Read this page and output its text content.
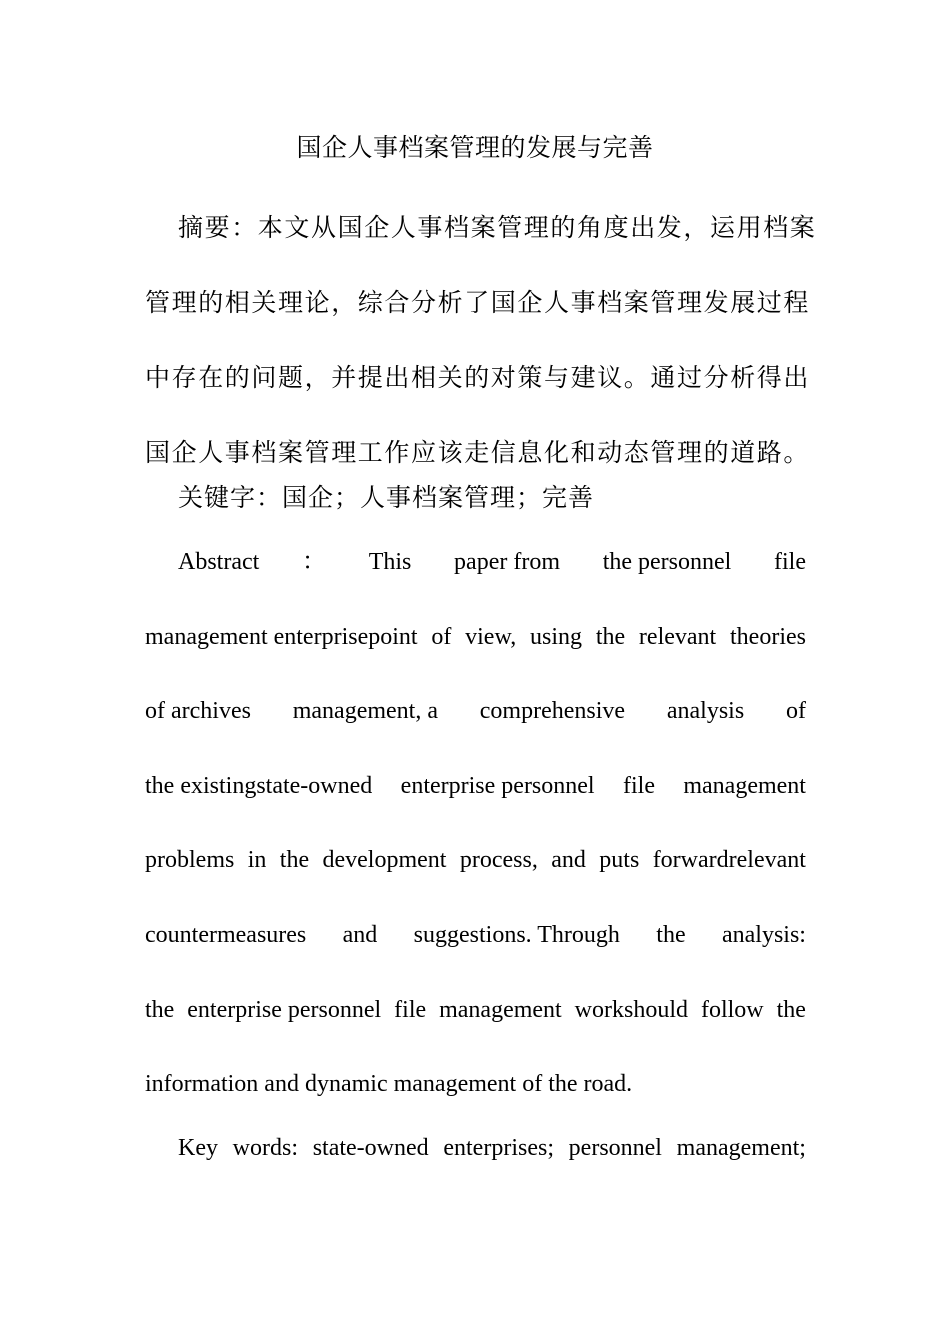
国企人事档案管理的发展与完善
摘要：本文从国企人事档案管理的角度出发，运用档案
管理的相关理论，综合分析了国企人事档案管理发展过程
中存在的问题，并提出相关的对策与建议。通过分析得出
国企人事档案管理工作应该走信息化和动态管理的道路。
关键字：国企；人事档案管理；完善
Abstract ： This paper from the personnel file
management enterprisepoint of view, using the relevant theories
of archives management, a comprehensive analysis of
the existingstate-owned enterprise personnel file management
problems in the development process, and puts forwardrelevant
countermeasures and suggestions. Through the analysis:
the enterprise personnel file management workshould follow the
information and dynamic management of the road.
Key words: state-owned enterprises; personnel management;
